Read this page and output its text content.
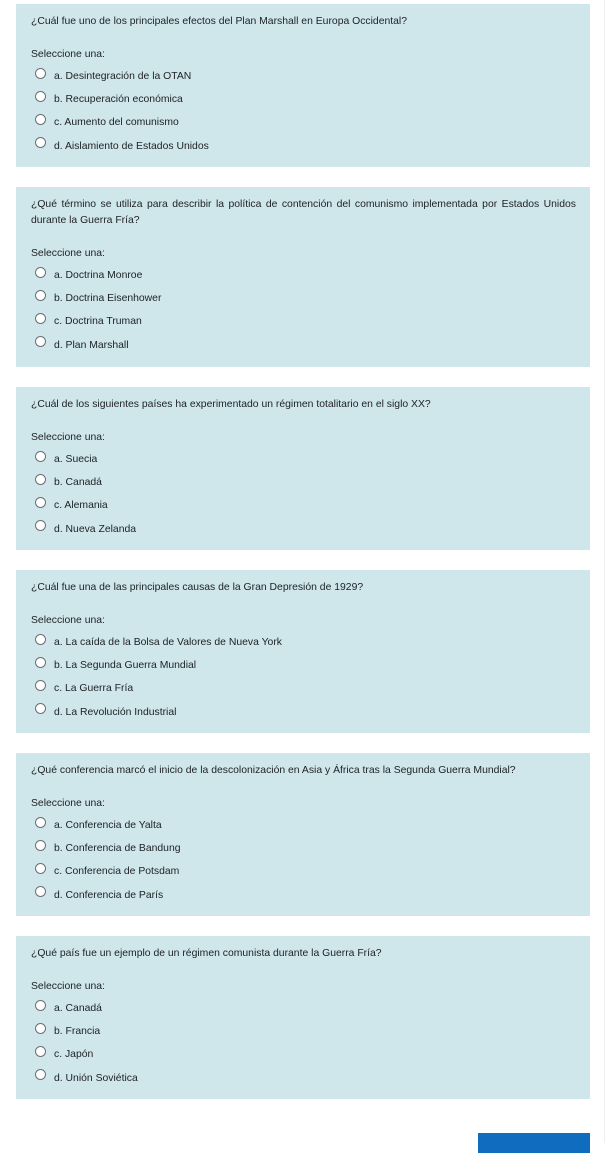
¿Cuál fue uno de los principales efectos del Plan Marshall en Europa Occidental?

Seleccione una:
a. Desintegración de la OTAN
b. Recuperación económica
c. Aumento del comunismo
d. Aislamiento de Estados Unidos

¿Qué término se utiliza para describir la política de contención del comunismo implementada por Estados Unidos durante la Guerra Fría?

Seleccione una:
a. Doctrina Monroe
b. Doctrina Eisenhower
c. Doctrina Truman
d. Plan Marshall

¿Cuál de los siguientes países ha experimentado un régimen totalitario en el siglo XX?

Seleccione una:
a. Suecia
b. Canadá
c. Alemania
d. Nueva Zelanda

¿Cuál fue una de las principales causas de la Gran Depresión de 1929?

Seleccione una:
a. La caída de la Bolsa de Valores de Nueva York
b. La Segunda Guerra Mundial
c. La Guerra Fría
d. La Revolución Industrial

¿Qué conferencia marcó el inicio de la descolonización en Asia y África tras la Segunda Guerra Mundial?

Seleccione una:
a. Conferencia de Yalta
b. Conferencia de Bandung
c. Conferencia de Potsdam
d. Conferencia de París

¿Qué país fue un ejemplo de un régimen comunista durante la Guerra Fría?

Seleccione una:
a. Canadá
b. Francia
c. Japón
d. Unión Soviética
